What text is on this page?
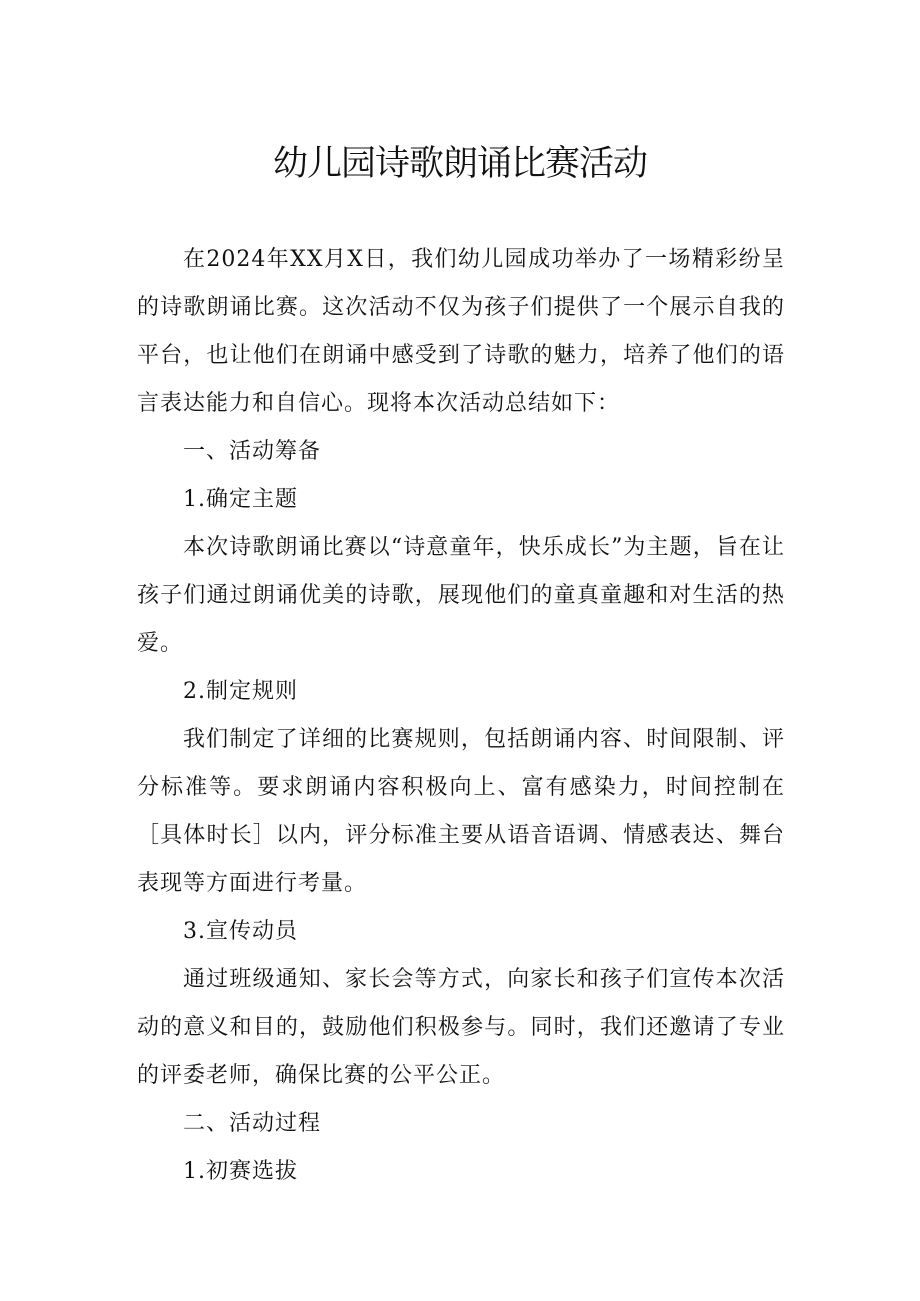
幼儿园诗歌朗诵比赛活动

在2024年XX月X日，我们幼儿园成功举办了一场精彩纷呈的诗歌朗诵比赛。这次活动不仅为孩子们提供了一个展示自我的平台，也让他们在朗诵中感受到了诗歌的魅力，培养了他们的语言表达能力和自信心。现将本次活动总结如下：

一、活动筹备

1.确定主题

本次诗歌朗诵比赛以“诗意童年，快乐成长”为主题，旨在让孩子们通过朗诵优美的诗歌，展现他们的童真童趣和对生活的热爱。

2.制定规则

我们制定了详细的比赛规则，包括朗诵内容、时间限制、评分标准等。要求朗诵内容积极向上、富有感染力，时间控制在［具体时长］以内，评分标准主要从语音语调、情感表达、舞台表现等方面进行考量。

3.宣传动员

通过班级通知、家长会等方式，向家长和孩子们宣传本次活动的意义和目的，鼓励他们积极参与。同时，我们还邀请了专业的评委老师，确保比赛的公平公正。

二、活动过程

1.初赛选拔
